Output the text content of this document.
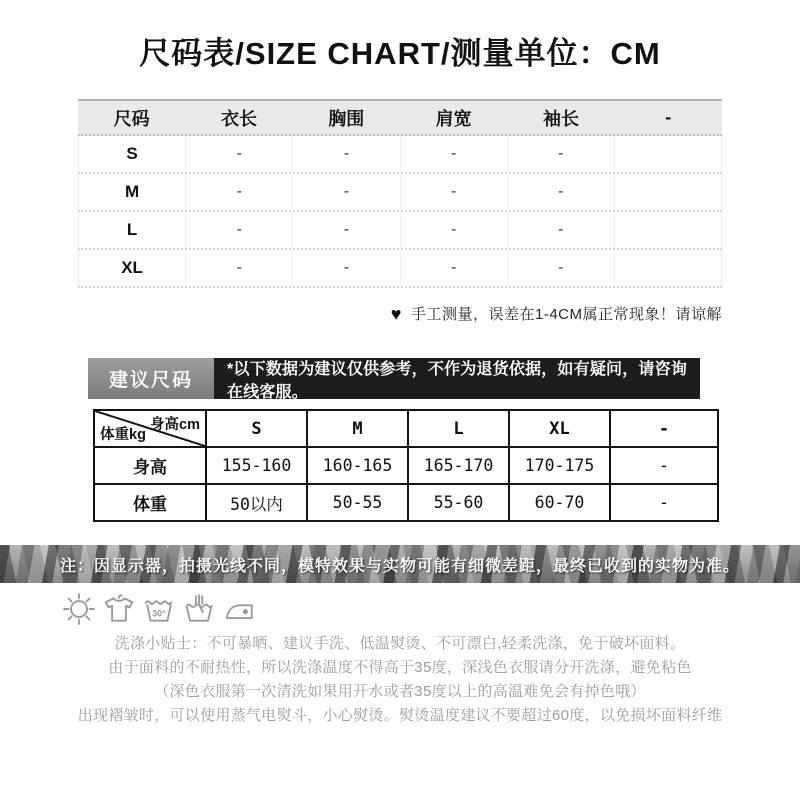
尺码表/SIZE CHART/测量单位：CM
尺码	衣长	胸围	肩宽	袖长	-
S	-	-	-	-
M	-	-	-	-
L	-	-	-	-
XL	-	-	-	-
♥ 手工测量，误差在1-4CM属正常现象！请谅解
建议尺码
*以下数据为建议仅供参考，不作为退货依据，如有疑问，请咨询在线客服。
身高cm
体重kg	S	M	L	XL	-
身高	155-160	160-165	165-170	170-175	-
体重	50以内	50-55	55-60	60-70	-
注：因显示器，拍摄光线不同，模特效果与实物可能有细微差距，最终已收到的实物为准。
30°

洗涤小贴士：不可暴晒、建议手洗、低温熨烫、不可漂白,轻柔洗涤，免于破坏面料。

由于面料的不耐热性，所以洗涤温度不得高于35度，深浅色衣服请分开洗涤，避免粘色

（深色衣服第一次清洗如果用开水或者35度以上的高温难免会有掉色哦）

出现褶皱时，可以使用蒸气电熨斗，小心熨烫。熨烫温度建议不要超过60度，以免损坏面料纤维
